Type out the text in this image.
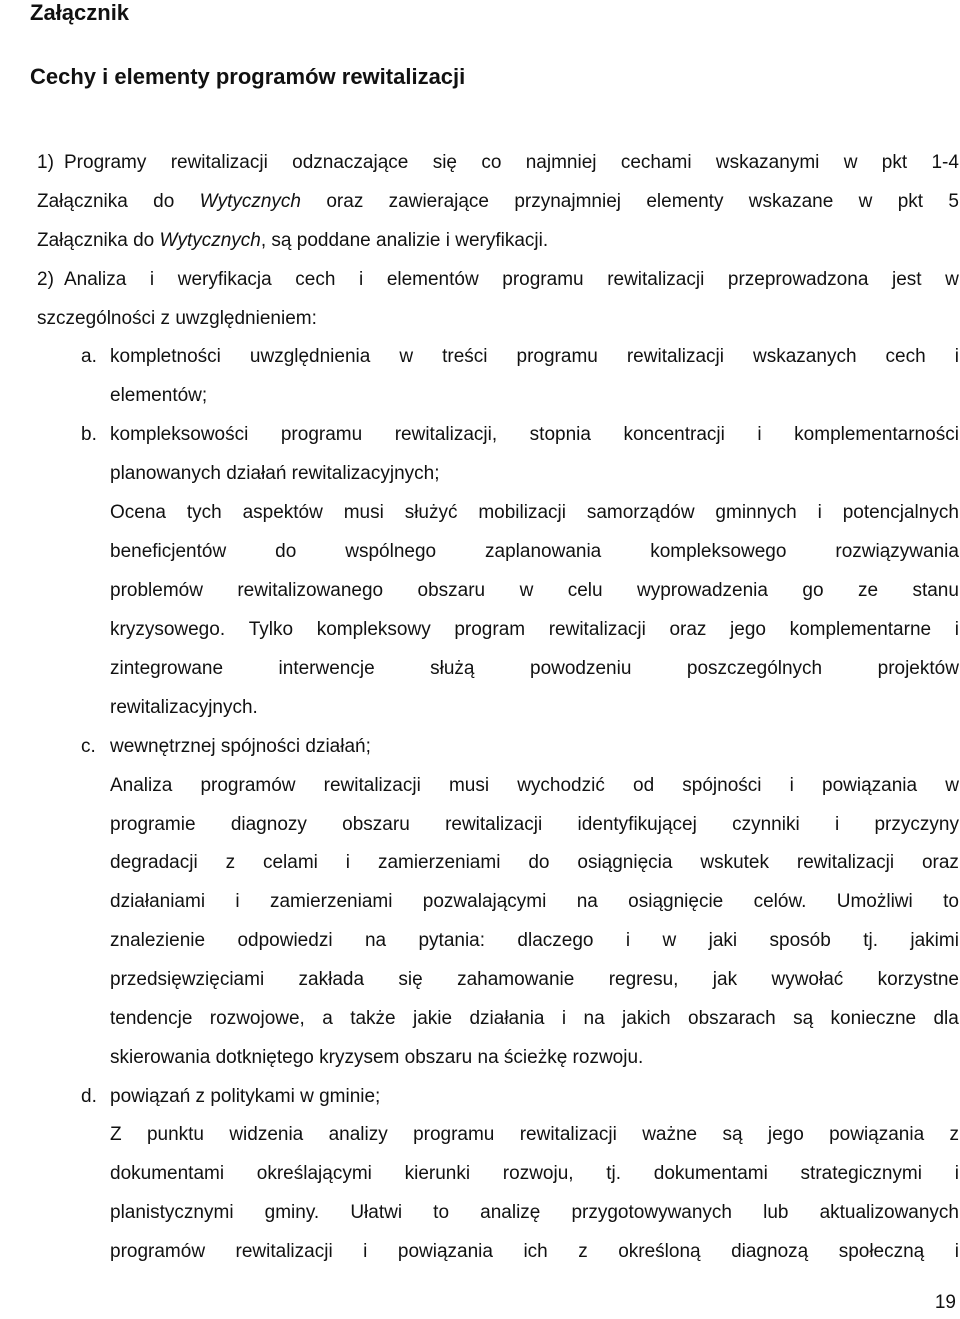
Załącznik
Cechy i elementy programów rewitalizacji
1) Programy rewitalizacji odznaczające się co najmniej cechami wskazanymi w pkt 1-4
Załącznika do Wytycznych oraz zawierające przynajmniej elementy wskazane w pkt 5
Załącznika do Wytycznych, są poddane analizie i weryfikacji.
2) Analiza i weryfikacja cech i elementów programu rewitalizacji przeprowadzona jest w
szczególności z uwzględnieniem:
a. kompletności uwzględnienia w treści programu rewitalizacji wskazanych cech i
elementów;
b. kompleksowości programu rewitalizacji, stopnia koncentracji i komplementarności
planowanych działań rewitalizacyjnych;
Ocena tych aspektów musi służyć mobilizacji samorządów gminnych i potencjalnych
beneficjentów	do	wspólnego	zaplanowania	kompleksowego	rozwiązywania
problemów rewitalizowanego obszaru w celu wyprowadzenia go ze stanu
kryzysowego. Tylko kompleksowy program rewitalizacji oraz jego komplementarne i
zintegrowane	interwencje	służą	powodzeniu	poszczególnych	projektów
rewitalizacyjnych.
c. wewnętrznej spójności działań;
Analiza programów rewitalizacji musi wychodzić od spójności i powiązania w
programie diagnozy obszaru rewitalizacji identyfikującej czynniki i przyczyny
degradacji z celami i zamierzeniami do osiągnięcia wskutek rewitalizacji oraz
działaniami i zamierzeniami pozwalającymi na osiągnięcie celów. Umożliwi to
znalezienie odpowiedzi na pytania: dlaczego i w jaki sposób tj. jakimi
przedsięwzięciami zakłada się zahamowanie regresu, jak wywołać korzystne
tendencje rozwojowe, a także jakie działania i na jakich obszarach są konieczne dla
skierowania dotkniętego kryzysem obszaru na ścieżkę rozwoju.
d. powiązań z politykami w gminie;
Z punktu widzenia analizy programu rewitalizacji ważne są jego powiązania z
dokumentami określającymi kierunki rozwoju, tj. dokumentami strategicznymi i
planistycznymi gminy. Ułatwi to analizę przygotowywanych lub aktualizowanych
programów rewitalizacji i powiązania ich z określoną diagnozą społeczną i
19
